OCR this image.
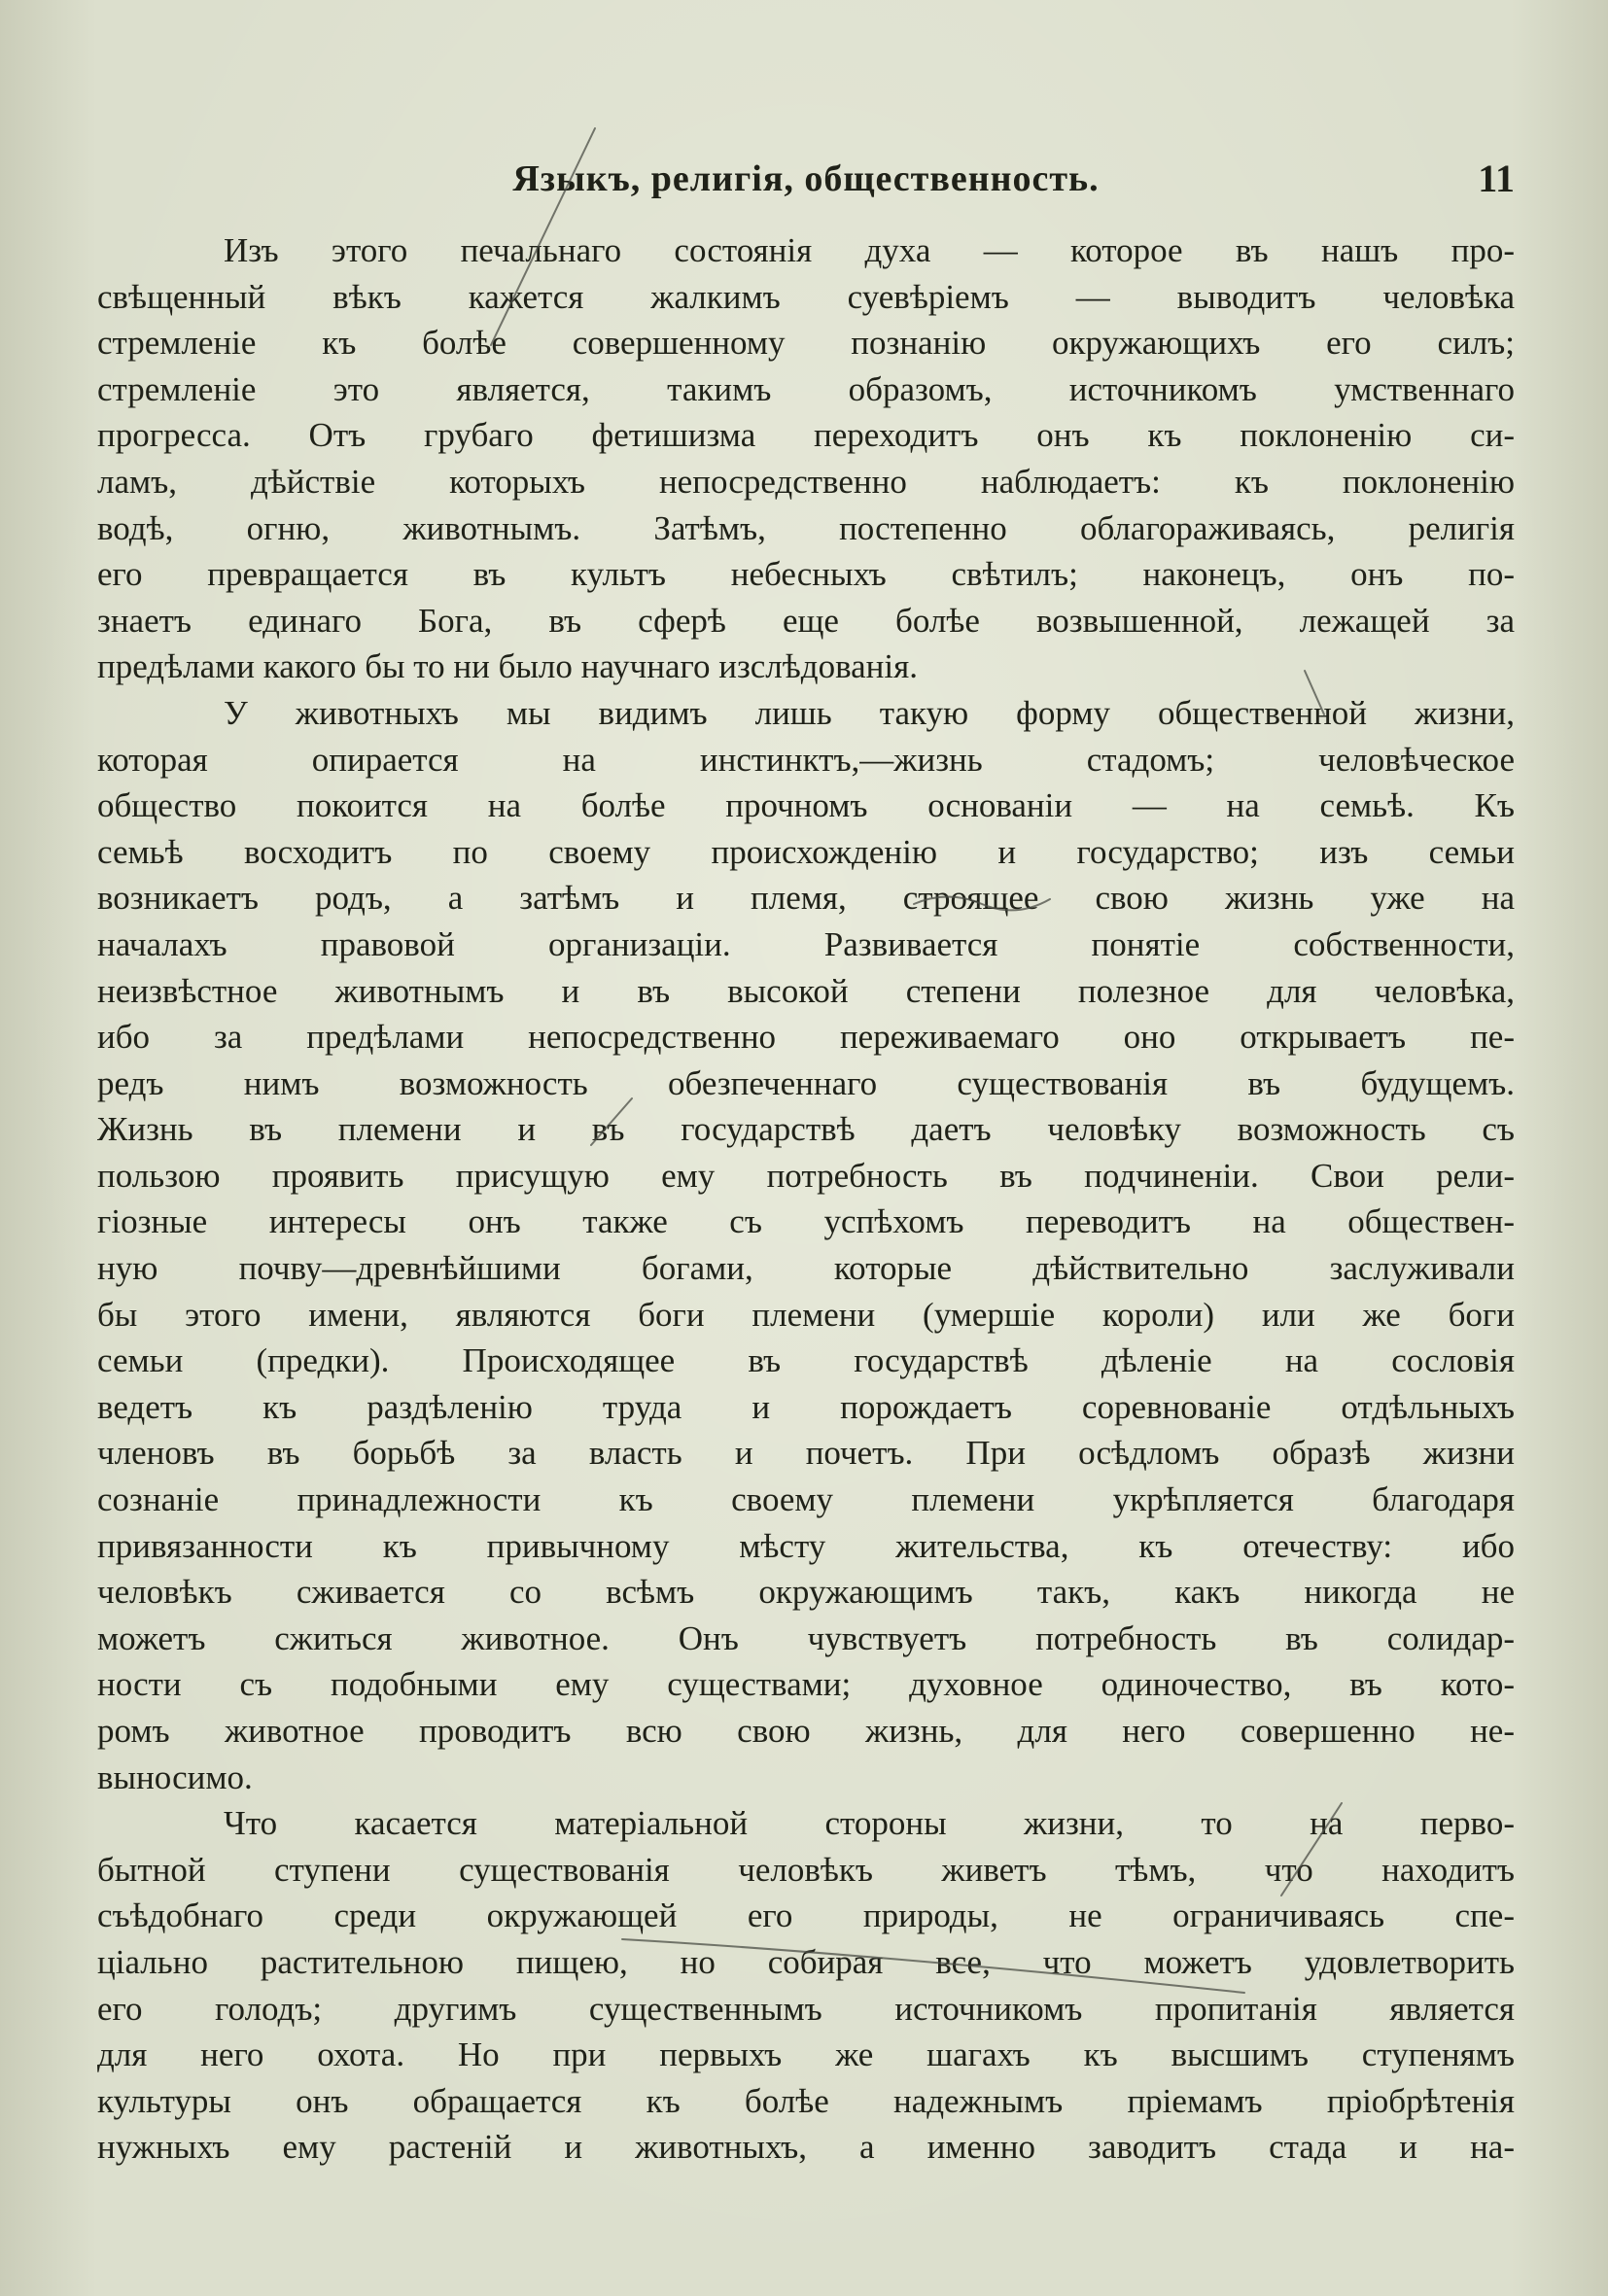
Языкъ, религія, общественность.	11
Изъ этого печальнаго состоянія духа — которое въ нашъ про-
свѣщенный вѣкъ кажется жалкимъ суевѣріемъ — выводитъ человѣка
стремленіе къ болѣе совершенному познанію окружающихъ его силъ;
стремленіе это является, такимъ образомъ, источникомъ умственнаго
прогресса. Отъ грубаго фетишизма переходитъ онъ къ поклоненію си-
ламъ, дѣйствіе которыхъ непосредственно наблюдаетъ: къ поклоненію
водѣ, огню, животнымъ. Затѣмъ, постепенно облагораживаясь, религія
его превращается въ культъ небесныхъ свѣтилъ; наконецъ, онъ по-
знаетъ единаго Бога, въ сферѣ еще болѣе возвышенной, лежащей за
предѣлами какого бы то ни было научнаго изслѣдованія.
У животныхъ мы видимъ лишь такую форму общественной жизни,
которая опирается на инстинктъ,—жизнь стадомъ; человѣческое
общество покоится на болѣе прочномъ основаніи — на семьѣ. Къ
семьѣ восходитъ по своему происхожденію и государство; изъ семьи
возникаетъ родъ, а затѣмъ и племя, строящее свою жизнь уже на
началахъ правовой организаціи. Развивается понятіе собственности,
неизвѣстное животнымъ и въ высокой степени полезное для человѣка,
ибо за предѣлами непосредственно переживаемаго оно открываетъ пе-
редъ нимъ возможность обезпеченнаго существованія въ будущемъ.
Жизнь въ племени и въ государствѣ даетъ человѣку возможность съ
пользою проявить присущую ему потребность въ подчиненіи. Свои рели-
гіозные интересы онъ также съ успѣхомъ переводитъ на обществен-
ную почву—древнѣйшими богами, которые дѣйствительно заслуживали
бы этого имени, являются боги племени (умершіе короли) или же боги
семьи (предки). Происходящее въ государствѣ дѣленіе на сословія
ведетъ къ раздѣленію труда и порождаетъ соревнованіе отдѣльныхъ
членовъ въ борьбѣ за власть и почетъ. При осѣдломъ образѣ жизни
сознаніе принадлежности къ своему племени укрѣпляется благодаря
привязанности къ привычному мѣсту жительства, къ отечеству: ибо
человѣкъ сживается со всѣмъ окружающимъ такъ, какъ никогда не
можетъ сжиться животное. Онъ чувствуетъ потребность въ солидар-
ности съ подобными ему существами; духовное одиночество, въ кото-
ромъ животное проводитъ всю свою жизнь, для него совершенно не-
выносимо.
Что касается матеріальной стороны жизни, то на перво-
бытной ступени существованія человѣкъ живетъ тѣмъ, что находитъ
съѣдобнаго среди окружающей его природы, не ограничиваясь спе-
ціально растительною пищею, но собирая все, что можетъ удовлетворить
его голодъ; другимъ существеннымъ источникомъ пропитанія является
для него охота. Но при первыхъ же шагахъ къ высшимъ ступенямъ
культуры онъ обращается къ болѣе надежнымъ пріемамъ пріобрѣтенія
нужныхъ ему растеній и животныхъ, а именно заводитъ стада и на-
